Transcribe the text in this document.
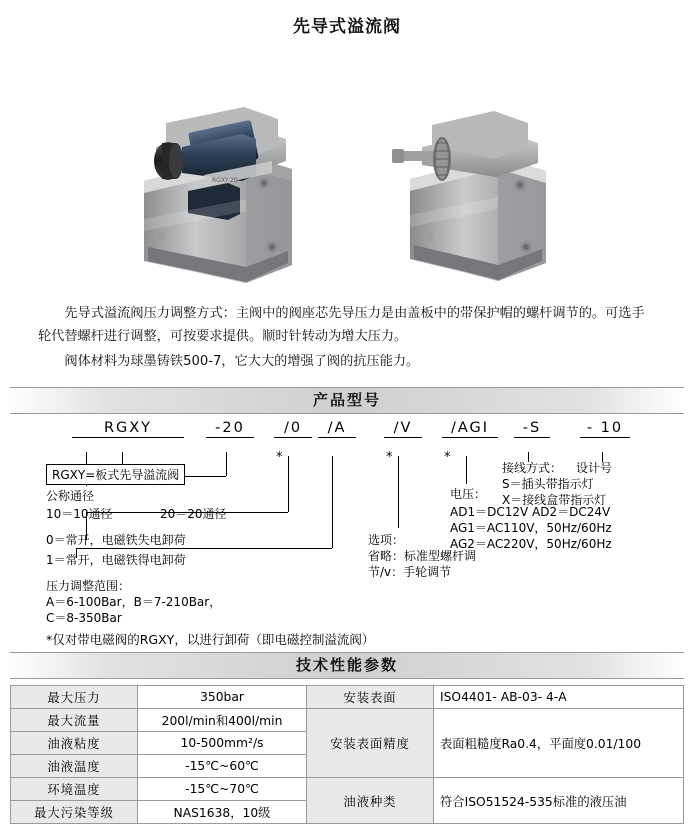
先导式溢流阀
RGXY-20

先导式溢流阀压力调整方式：主阀中的阀座芯先导压力是由盖板中的带保护帽的螺杆调节的。可选手轮代替螺杆进行调整，可按要求提供。顺时针转动为增大压力。

阀体材料为球墨铸铁500-7，它大大的增强了阀的抗压能力。

产品型号
RGXY	-20	/0	/A	/V	/AGⅠ	-S	- 10
*	*	*
RGXY=板式先导溢流阀
公称通径
10＝10通径	20＝20通径
0＝常开，电磁铁失电卸荷
1＝常开，电磁铁得电卸荷
压力调整范围：
A＝6-100Bar，B＝7-210Bar，
C＝8-350Bar
选项：
省略：标准型螺杆调
节/v：手轮调节
电压：
AD1＝DC12V AD2＝DC24V
AG1＝AC110V，50Hz/60Hz
AG2＝AC220V，50Hz/60Hz
接线方式：
S＝插头带指示灯
X＝接线盒带指示灯
设计号
*仅对带电磁阀的RGXY，以进行卸荷（即电磁控制溢流阀）
技术性能参数
最大压力	350bar	安装表面	ISO4401‑ AB‑03‑ 4‑A
最大流量	200l/min和400l/min	安装表面精度	表面粗糙度Ra0.4，平面度0.01/100
油液粘度	10-500mm²/s		
油液温度	-15℃~60℃		
环境温度	-15℃~70℃	油液种类	符合ISO51524-535标准的液压油
最大污染等级	NAS1638，10级		
